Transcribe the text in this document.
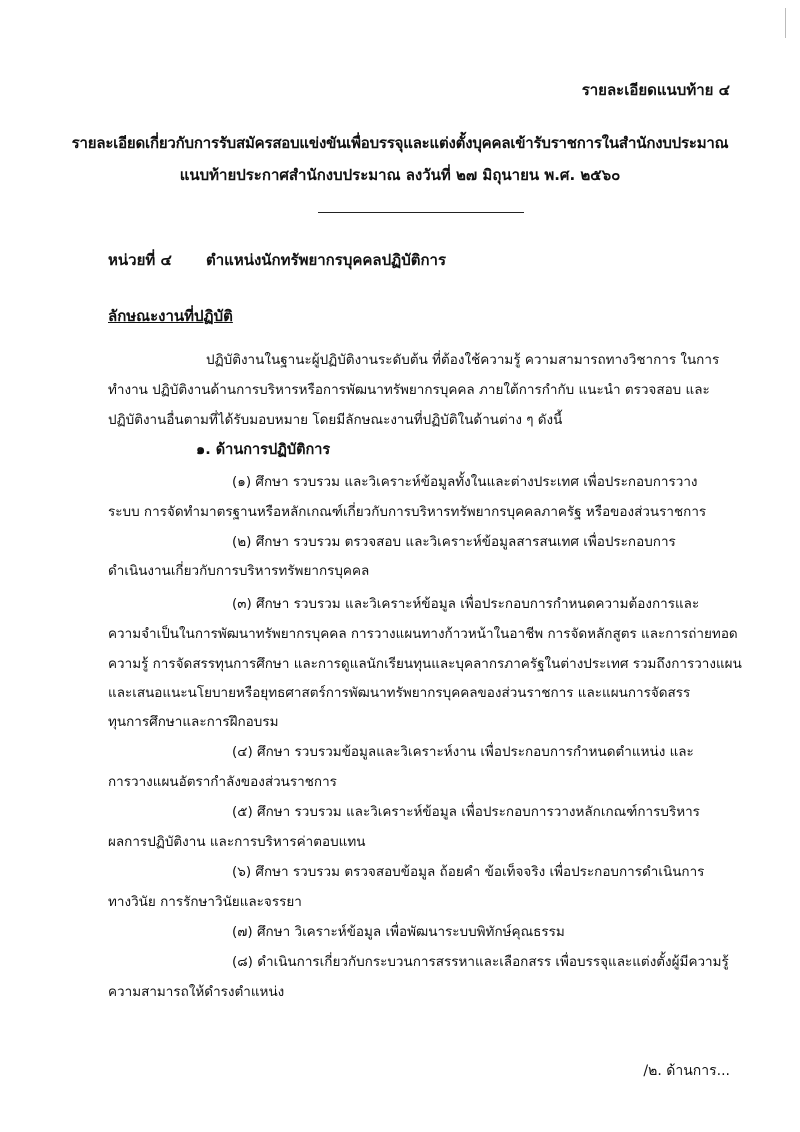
รายละเอียดแนบท้าย ๔
รายละเอียดเกี่ยวกับการรับสมัครสอบแข่งขันเพื่อบรรจุและแต่งตั้งบุคคลเข้ารับราชการในสำนักงบประมาณ
แนบท้ายประกาศสำนักงบประมาณ ลงวันที่ ๒๗ มิถุนายน พ.ศ. ๒๕๖๐
หน่วยที่ ๔ ตำแหน่งนักทรัพยากรบุคคลปฏิบัติการ
ลักษณะงานที่ปฏิบัติ
ปฏิบัติงานในฐานะผู้ปฏิบัติงานระดับต้น ที่ต้องใช้ความรู้ ความสามารถทางวิชาการ ในการ
ทำงาน ปฏิบัติงานด้านการบริหารหรือการพัฒนาทรัพยากรบุคคล ภายใต้การกำกับ แนะนำ ตรวจสอบ และ
ปฏิบัติงานอื่นตามที่ได้รับมอบหมาย โดยมีลักษณะงานที่ปฏิบัติในด้านต่าง ๆ ดังนี้
๑. ด้านการปฏิบัติการ
(๑) ศึกษา รวบรวม และวิเคราะห์ข้อมูลทั้งในและต่างประเทศ เพื่อประกอบการวาง
ระบบ การจัดทำมาตรฐานหรือหลักเกณฑ์เกี่ยวกับการบริหารทรัพยากรบุคคลภาครัฐ หรือของส่วนราชการ
(๒) ศึกษา รวบรวม ตรวจสอบ และวิเคราะห์ข้อมูลสารสนเทศ เพื่อประกอบการ
ดำเนินงานเกี่ยวกับการบริหารทรัพยากรบุคคล
(๓) ศึกษา รวบรวม และวิเคราะห์ข้อมูล เพื่อประกอบการกำหนดความต้องการและ
ความจำเป็นในการพัฒนาทรัพยากรบุคคล การวางแผนทางก้าวหน้าในอาชีพ การจัดหลักสูตร และการถ่ายทอด
ความรู้ การจัดสรรทุนการศึกษา และการดูแลนักเรียนทุนและบุคลากรภาครัฐในต่างประเทศ รวมถึงการวางแผน
และเสนอแนะนโยบายหรือยุทธศาสตร์การพัฒนาทรัพยากรบุคคลของส่วนราชการ และแผนการจัดสรร
ทุนการศึกษาและการฝึกอบรม
(๔) ศึกษา รวบรวมข้อมูลและวิเคราะห์งาน เพื่อประกอบการกำหนดตำแหน่ง และ
การวางแผนอัตรากำลังของส่วนราชการ
(๕) ศึกษา รวบรวม และวิเคราะห์ข้อมูล เพื่อประกอบการวางหลักเกณฑ์การบริหาร
ผลการปฏิบัติงาน และการบริหารค่าตอบแทน
(๖) ศึกษา รวบรวม ตรวจสอบข้อมูล ถ้อยคำ ข้อเท็จจริง เพื่อประกอบการดำเนินการ
ทางวินัย การรักษาวินัยและจรรยา
(๗) ศึกษา วิเคราะห์ข้อมูล เพื่อพัฒนาระบบพิทักษ์คุณธรรม
(๘) ดำเนินการเกี่ยวกับกระบวนการสรรหาและเลือกสรร เพื่อบรรจุและแต่งตั้งผู้มีความรู้
ความสามารถให้ดำรงตำแหน่ง
/๒. ด้านการ...
